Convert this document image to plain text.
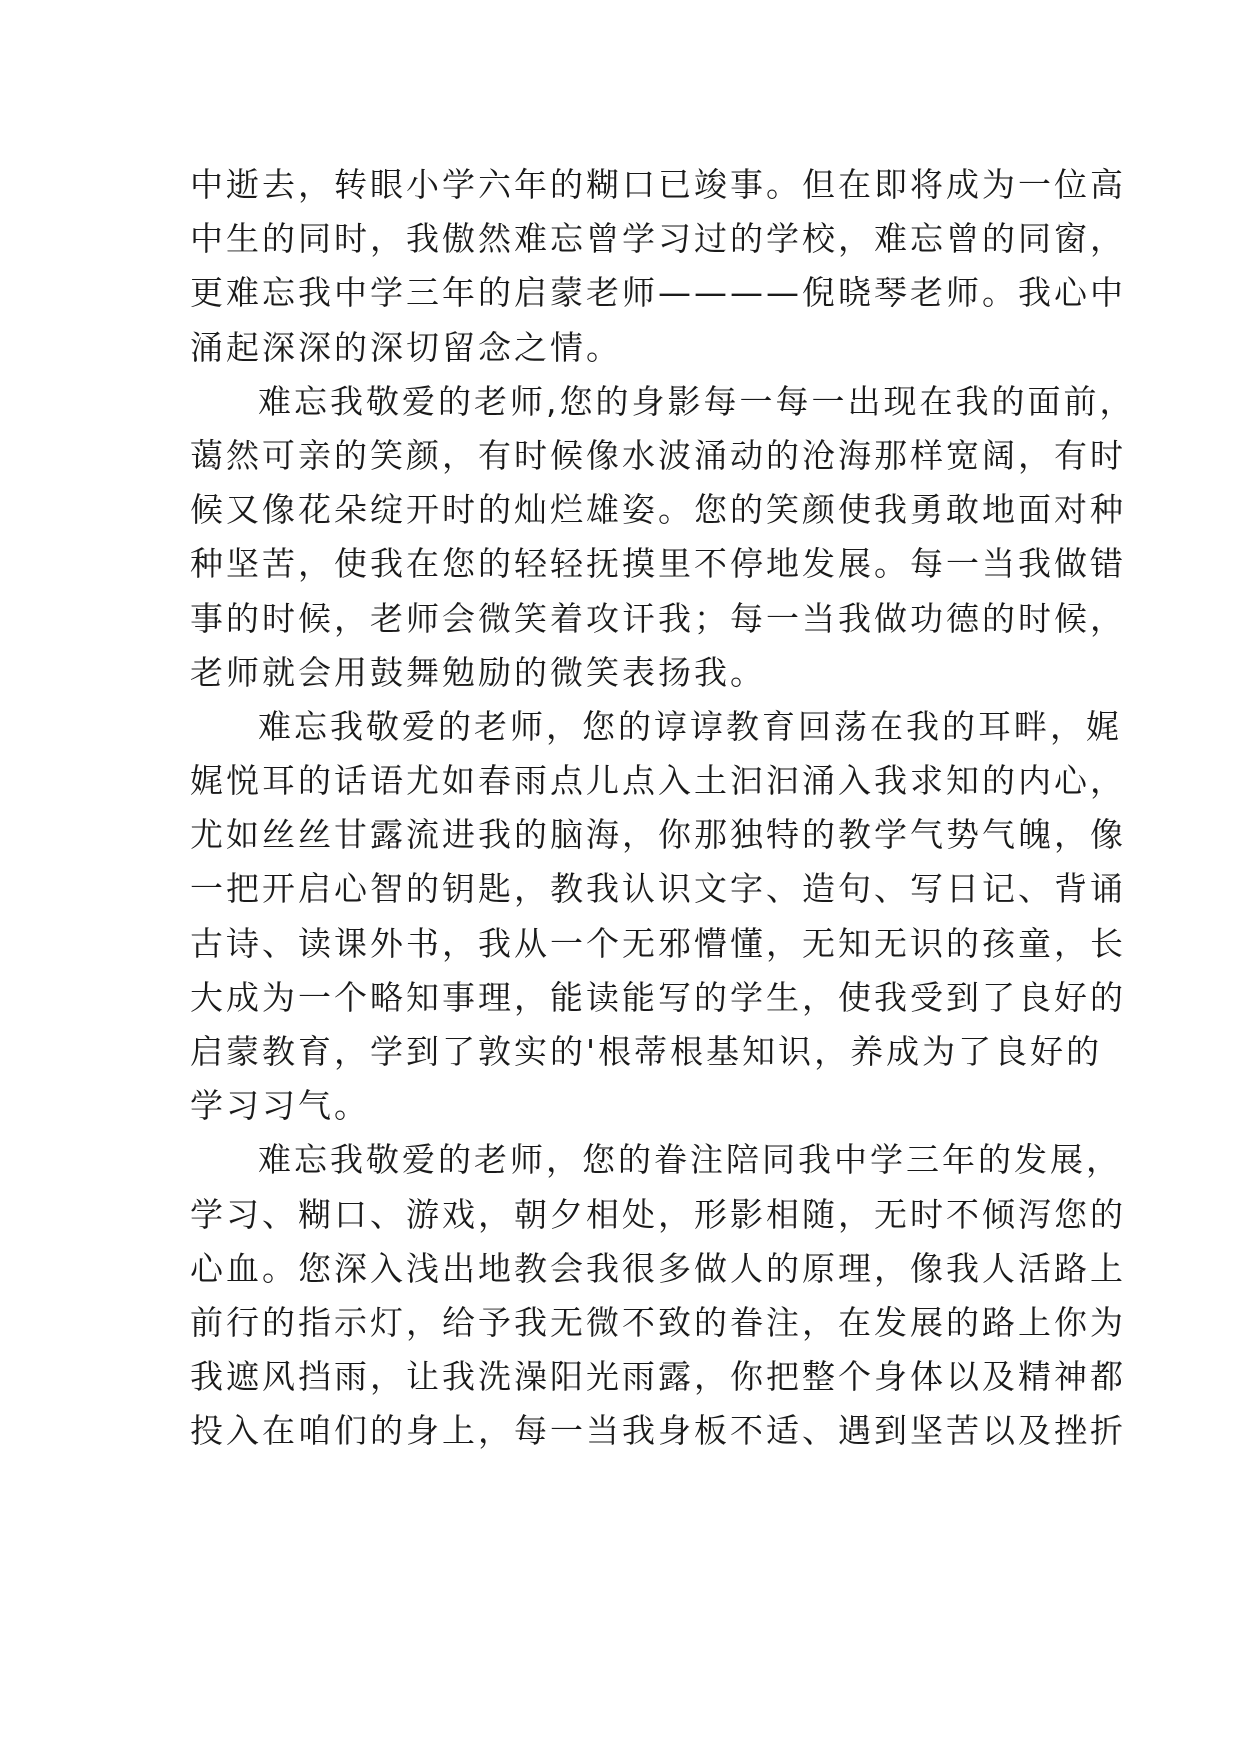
中逝去，转眼小学六年的糊口已竣事。但在即将成为一位高
中生的同时，我傲然难忘曾学习过的学校，难忘曾的同窗，
更难忘我中学三年的启蒙老师————倪晓琴老师。我心中
涌起深深的深切留念之情。
难忘我敬爱的老师,您的身影每一每一出现在我的面前，
蔼然可亲的笑颜，有时候像水波涌动的沧海那样宽阔，有时
候又像花朵绽开时的灿烂雄姿。您的笑颜使我勇敢地面对种
种坚苦，使我在您的轻轻抚摸里不停地发展。每一当我做错
事的时候，老师会微笑着攻讦我；每一当我做功德的时候，
老师就会用鼓舞勉励的微笑表扬我。
难忘我敬爱的老师，您的谆谆教育回荡在我的耳畔，娓
娓悦耳的话语尤如春雨点儿点入土汩汩涌入我求知的内心，
尤如丝丝甘露流进我的脑海，你那独特的教学气势气魄，像
一把开启心智的钥匙，教我认识文字、造句、写日记、背诵
古诗、读课外书，我从一个无邪懵懂，无知无识的孩童，长
大成为一个略知事理，能读能写的学生，使我受到了良好的
启蒙教育，学到了敦实的'根蒂根基知识，养成为了良好的
学习习气。
难忘我敬爱的老师，您的眷注陪同我中学三年的发展，
学习、糊口、游戏，朝夕相处，形影相随，无时不倾泻您的
心血。您深入浅出地教会我很多做人的原理，像我人活路上
前行的指示灯，给予我无微不致的眷注，在发展的路上你为
我遮风挡雨，让我洗澡阳光雨露，你把整个身体以及精神都
投入在咱们的身上，每一当我身板不适、遇到坚苦以及挫折
